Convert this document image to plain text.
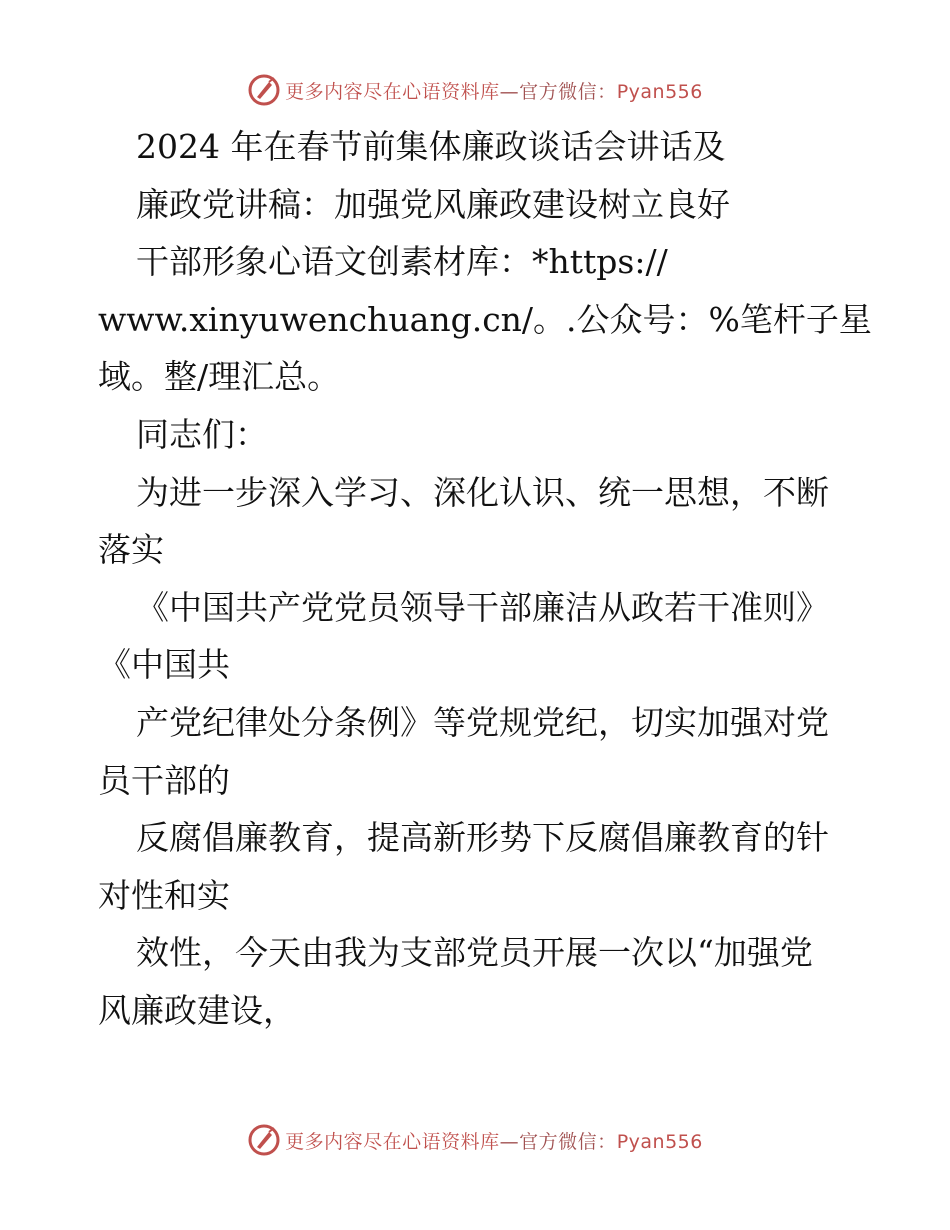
更多内容尽在心语资料库—官方微信：Pyan556
2024 年在春节前集体廉政谈话会讲话及
廉政党讲稿：加强党风廉政建设树立良好
干部形象心语文创素材库：*https://
www.xinyuwenchuang.cn/。.公众号：%笔杆子星
域。整/理汇总。
同志们：
为进一步深入学习、深化认识、统一思想，不断
落实
《中国共产党党员领导干部廉洁从政若干准则》
《中国共
产党纪律处分条例》等党规党纪，切实加强对党
员干部的
反腐倡廉教育，提高新形势下反腐倡廉教育的针
对性和实
效性，今天由我为支部党员开展一次以“加强党
风廉政建设，
更多内容尽在心语资料库—官方微信：Pyan556
